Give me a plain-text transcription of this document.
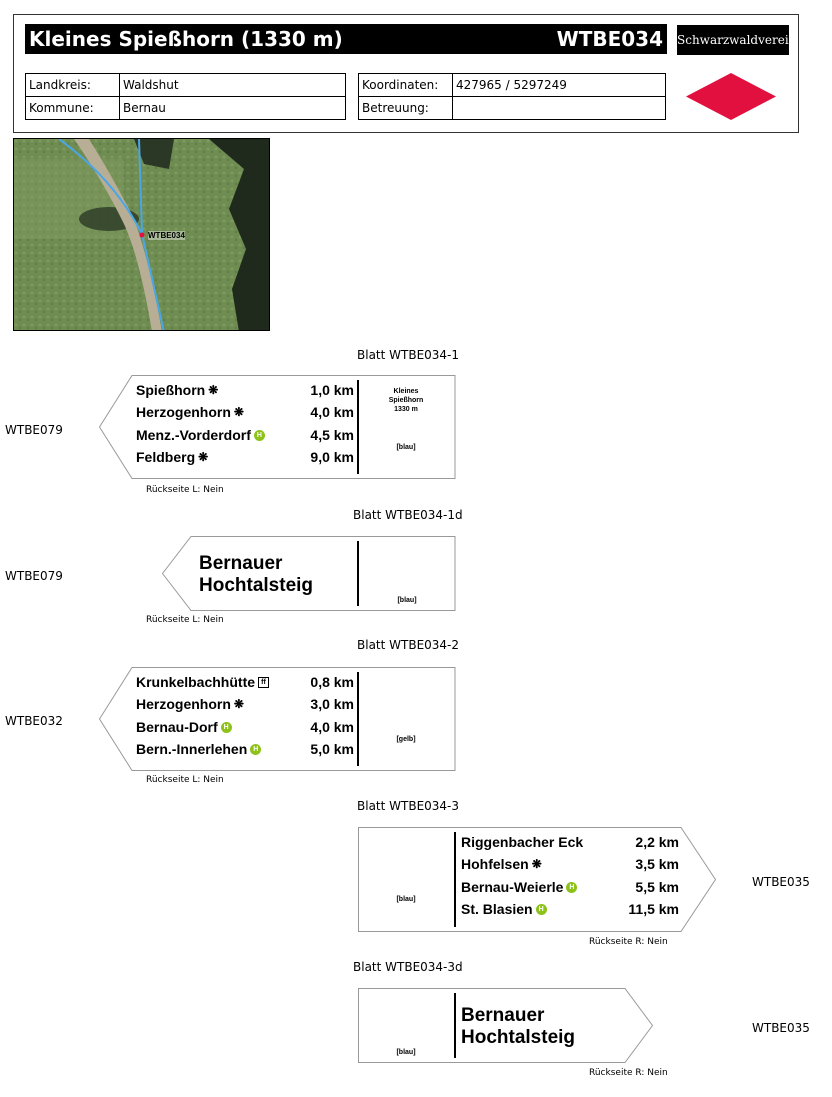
Kleines Spießhorn (1330 m)	WTBE034 Schwarzwaldverein
Landkreis:	Waldshut
Kommune:	Bernau
Koordinaten:	427965 / 5297249
Betreuung:	
WTBE034
Blatt WTBE034-1
WTBE079
Spießhorn ❋	1,0 km
Herzogenhorn ❋	4,0 km
Menz.-Vorderdorf H	4,5 km
Feldberg ❋	9,0 km
Kleines
Spießhorn
1330 m
[blau]
Rückseite L: Nein
Blatt WTBE034-1d
WTBE079
Bernauer
Hochtalsteig
[blau]
Rückseite L: Nein
Blatt WTBE034-2
WTBE032
Krunkelbachhütte ff	0,8 km
Herzogenhorn ❋	3,0 km
Bernau-Dorf H	4,0 km
Bern.-Innerlehen H	5,0 km
[gelb]
Rückseite L: Nein
Blatt WTBE034-3
WTBE035
Riggenbacher Eck	2,2 km
Hohfelsen ❋	3,5 km
Bernau-Weierle H	5,5 km
St. Blasien H	11,5 km
[blau]
Rückseite R: Nein
Blatt WTBE034-3d
WTBE035
Bernauer
Hochtalsteig
[blau]
Rückseite R: Nein
